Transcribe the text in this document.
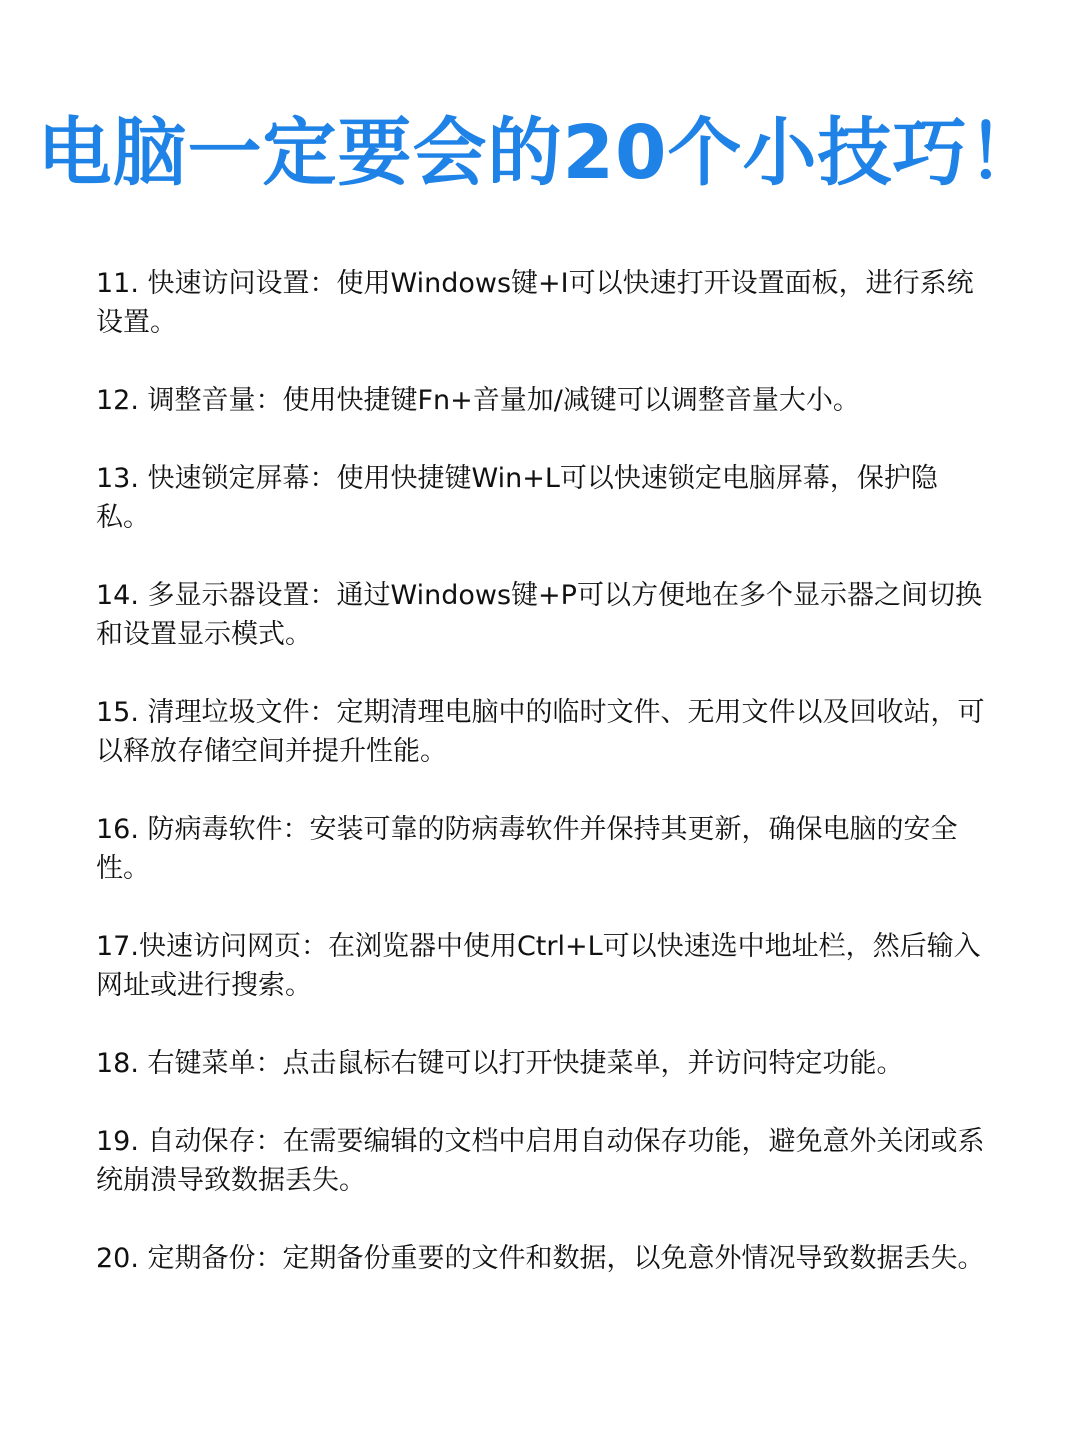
电脑一定要会的20个小技巧！

11. 快速访问设置：使用Windows键+I可以快速打开设置面板，进行系统设置。

12. 调整音量：使用快捷键Fn+音量加/减键可以调整音量大小。

13. 快速锁定屏幕：使用快捷键Win+L可以快速锁定电脑屏幕，保护隐私。

14. 多显示器设置：通过Windows键+P可以方便地在多个显示器之间切换和设置显示模式。

15. 清理垃圾文件：定期清理电脑中的临时文件、无用文件以及回收站，可以释放存储空间并提升性能。

16. 防病毒软件：安装可靠的防病毒软件并保持其更新，确保电脑的安全性。

17.快速访问网页：在浏览器中使用Ctrl+L可以快速选中地址栏，然后输入网址或进行搜索。

18. 右键菜单：点击鼠标右键可以打开快捷菜单，并访问特定功能。

19. 自动保存：在需要编辑的文档中启用自动保存功能，避免意外关闭或系统崩溃导致数据丢失。

20. 定期备份：定期备份重要的文件和数据，以免意外情况导致数据丢失。
